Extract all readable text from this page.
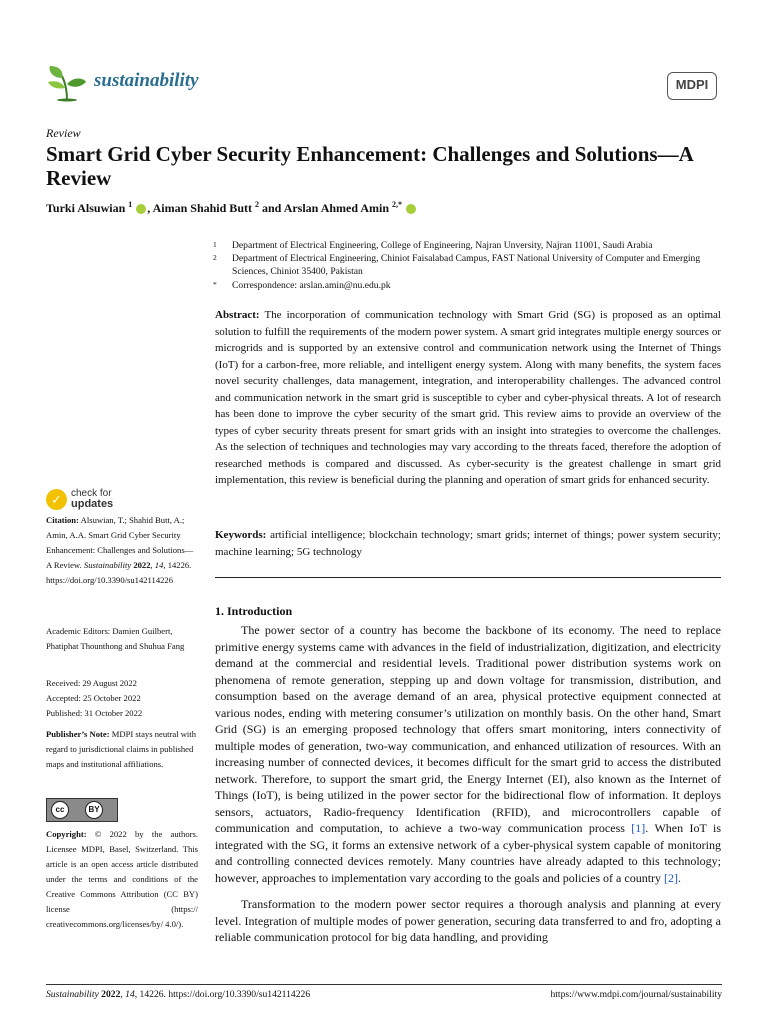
sustainability	MDPI
Review
Smart Grid Cyber Security Enhancement: Challenges and Solutions—A Review
Turki Alsuwian $^1$ , Aiman Shahid Butt $^2$ and Arslan Ahmed Amin $^{2,*}$
1 Department of Electrical Engineering, College of Engineering, Najran Unversity, Najran 11001, Saudi Arabia
2 Department of Electrical Engineering, Chiniot Faisalabad Campus, FAST National University of Computer and Emerging Sciences, Chiniot 35400, Pakistan
* Correspondence: arslan.amin@nu.edu.pk
Abstract: The incorporation of communication technology with Smart Grid (SG) is proposed as an optimal solution to fulfill the requirements of the modern power system. A smart grid integrates multiple energy sources or microgrids and is supported by an extensive control and communication network using the Internet of Things (IoT) for a carbon-free, more reliable, and intelligent energy system. Along with many benefits, the system faces novel security challenges, data management, integration, and interoperability challenges. The advanced control and communication network in the smart grid is susceptible to cyber and cyber-physical threats. A lot of research has been done to improve the cyber security of the smart grid. This review aims to provide an overview of the types of cyber security threats present for smart grids with an insight into strategies to overcome the challenges. As the selection of techniques and technologies may vary according to the threats faced, therefore the adoption of researched methods is compared and discussed. As cyber-security is the greatest challenge in smart grid implementation, this review is beneficial during the planning and operation of smart grids for enhanced security.
Keywords: artificial intelligence; blockchain technology; smart grids; internet of things; power system security; machine learning; 5G technology
1. Introduction
The power sector of a country has become the backbone of its economy. The need to replace primitive energy systems came with advances in the field of industrialization, digitization, and electricity demand at the commercial and residential levels. Traditional power distribution systems work on phenomena of remote generation, stepping up and down voltage for transmission, distribution, and consumption based on the average demand of an area, physical protective equipment connected at various nodes, ending with metering consumer’s utilization on monthly basis. On the other hand, Smart Grid (SG) is an emerging proposed technology that offers smart monitoring, inters connectivity of multiple modes of generation, two-way communication, and enhanced utilization of resources. With an increasing number of connected devices, it becomes difficult for the smart grid to access the distributed network. Therefore, to support the smart grid, the Energy Internet (EI), also known as the Internet of Things (IoT), is being utilized in the power sector for the bidirectional flow of information. It deploys sensors, actuators, Radio-frequency Identification (RFID), and microcontrollers capable of communication and computation, to achieve a two-way communication process [1]. When IoT is integrated with the SG, it forms an extensive network of a cyber-physical system capable of monitoring and controlling connected devices remotely. Many countries have already adapted to this technology; however, approaches to implementation vary according to the goals and policies of a country [2].
Transformation to the modern power sector requires a thorough analysis and planning at every level. Integration of multiple modes of power generation, securing data transferred to and fro, adopting a reliable communication protocol for big data handling, and providing
✓ check for
updates
Citation: Alsuwian, T.; Shahid Butt, A.; Amin, A.A. Smart Grid Cyber Security Enhancement: Challenges and Solutions—A Review. Sustainability 2022, 14, 14226. https://doi.org/10.3390/su142114226
Academic Editors: Damien Guilbert, Phatiphat Thounthong and Shuhua Fang
Received: 29 August 2022
Accepted: 25 October 2022
Published: 31 October 2022
Publisher’s Note: MDPI stays neutral with regard to jurisdictional claims in published maps and institutional affiliations.
cc	BY
Copyright: © 2022 by the authors. Licensee MDPI, Basel, Switzerland. This article is an open access article distributed under the terms and conditions of the Creative Commons Attribution (CC BY) license (https:// creativecommons.org/licenses/by/ 4.0/).
Sustainability 2022, 14, 14226. https://doi.org/10.3390/su142114226	https://www.mdpi.com/journal/sustainability
